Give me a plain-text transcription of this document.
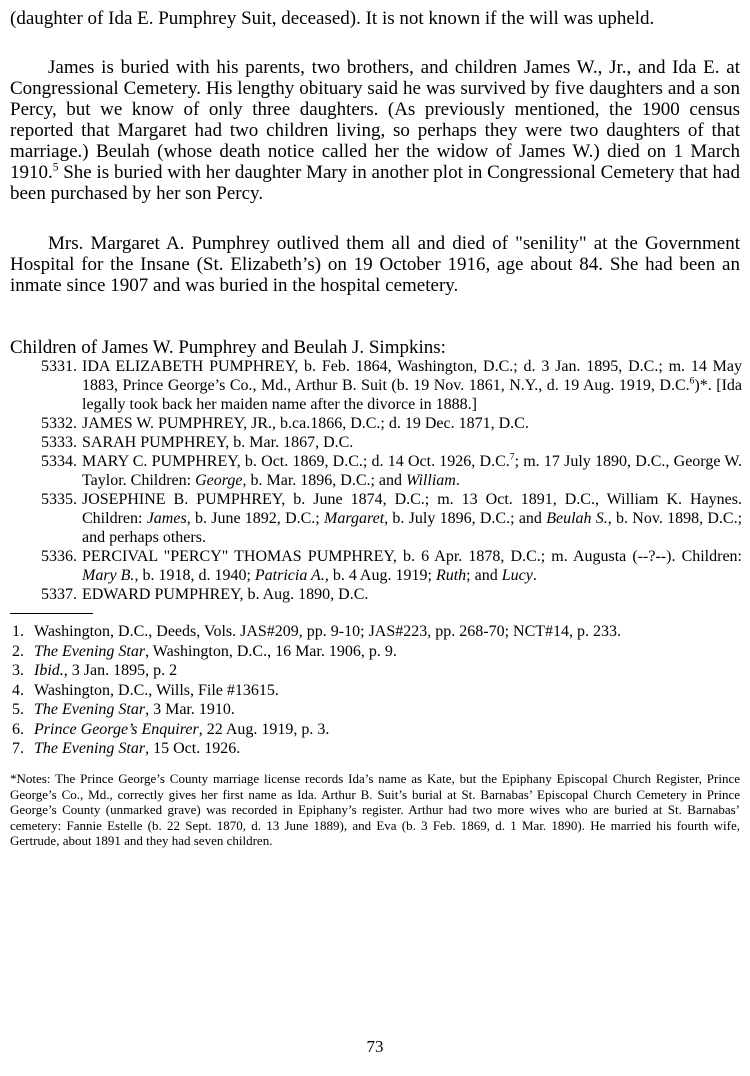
(daughter of Ida E. Pumphrey Suit, deceased). It is not known if the will was upheld.

James is buried with his parents, two brothers, and children James W., Jr., and Ida E. at Congressional Cemetery. His lengthy obituary said he was survived by five daughters and a son Percy, but we know of only three daughters. (As previously mentioned, the 1900 census reported that Margaret had two children living, so perhaps they were two daughters of that marriage.) Beulah (whose death notice called her the widow of James W.) died on 1 March 1910.$^5$ She is buried with her daughter Mary in another plot in Congressional Cemetery that had been purchased by her son Percy.

Mrs. Margaret A. Pumphrey outlived them all and died of "senility" at the Government Hospital for the Insane (St. Elizabeth’s) on 19 October 1916, age about 84. She had been an inmate since 1907 and was buried in the hospital cemetery.

Children of James W. Pumphrey and Beulah J. Simpkins:
5331. IDA ELIZABETH PUMPHREY, b. Feb. 1864, Washington, D.C.; d. 3 Jan. 1895, D.C.; m. 14 May 1883, Prince George’s Co., Md., Arthur B. Suit (b. 19 Nov. 1861, N.Y., d. 19 Aug. 1919, D.C.$^6$)*. [Ida legally took back her maiden name after the divorce in 1888.]
5332. JAMES W. PUMPHREY, JR., b.ca.1866, D.C.; d. 19 Dec. 1871, D.C.
5333. SARAH PUMPHREY, b. Mar. 1867, D.C.
5334. MARY C. PUMPHREY, b. Oct. 1869, D.C.; d. 14 Oct. 1926, D.C.$^7$; m. 17 July 1890, D.C., George W. Taylor. Children: George, b. Mar. 1896, D.C.; and William.
5335. JOSEPHINE B. PUMPHREY, b. June 1874, D.C.; m. 13 Oct. 1891, D.C., William K. Haynes. Children: James, b. June 1892, D.C.; Margaret, b. July 1896, D.C.; and Beulah S., b. Nov. 1898, D.C.; and perhaps others.
5336. PERCIVAL "PERCY" THOMAS PUMPHREY, b. 6 Apr. 1878, D.C.; m. Augusta (--?--). Children: Mary B., b. 1918, d. 1940; Patricia A., b. 4 Aug. 1919; Ruth; and Lucy.
5337. EDWARD PUMPHREY, b. Aug. 1890, D.C.
1. Washington, D.C., Deeds, Vols. JAS#209, pp. 9-10; JAS#223, pp. 268-70; NCT#14, p. 233.
2. The Evening Star, Washington, D.C., 16 Mar. 1906, p. 9.
3. Ibid., 3 Jan. 1895, p. 2
4. Washington, D.C., Wills, File #13615.
5. The Evening Star, 3 Mar. 1910.
6. Prince George’s Enquirer, 22 Aug. 1919, p. 3.
7. The Evening Star, 15 Oct. 1926.

*Notes: The Prince George’s County marriage license records Ida’s name as Kate, but the Epiphany Episcopal Church Register, Prince George’s Co., Md., correctly gives her first name as Ida. Arthur B. Suit’s burial at St. Barnabas’ Episcopal Church Cemetery in Prince George’s County (unmarked grave) was recorded in Epiphany’s register. Arthur had two more wives who are buried at St. Barnabas’ cemetery: Fannie Estelle (b. 22 Sept. 1870, d. 13 June 1889), and Eva (b. 3 Feb. 1869, d. 1 Mar. 1890). He married his fourth wife, Gertrude, about 1891 and they had seven children.

73
